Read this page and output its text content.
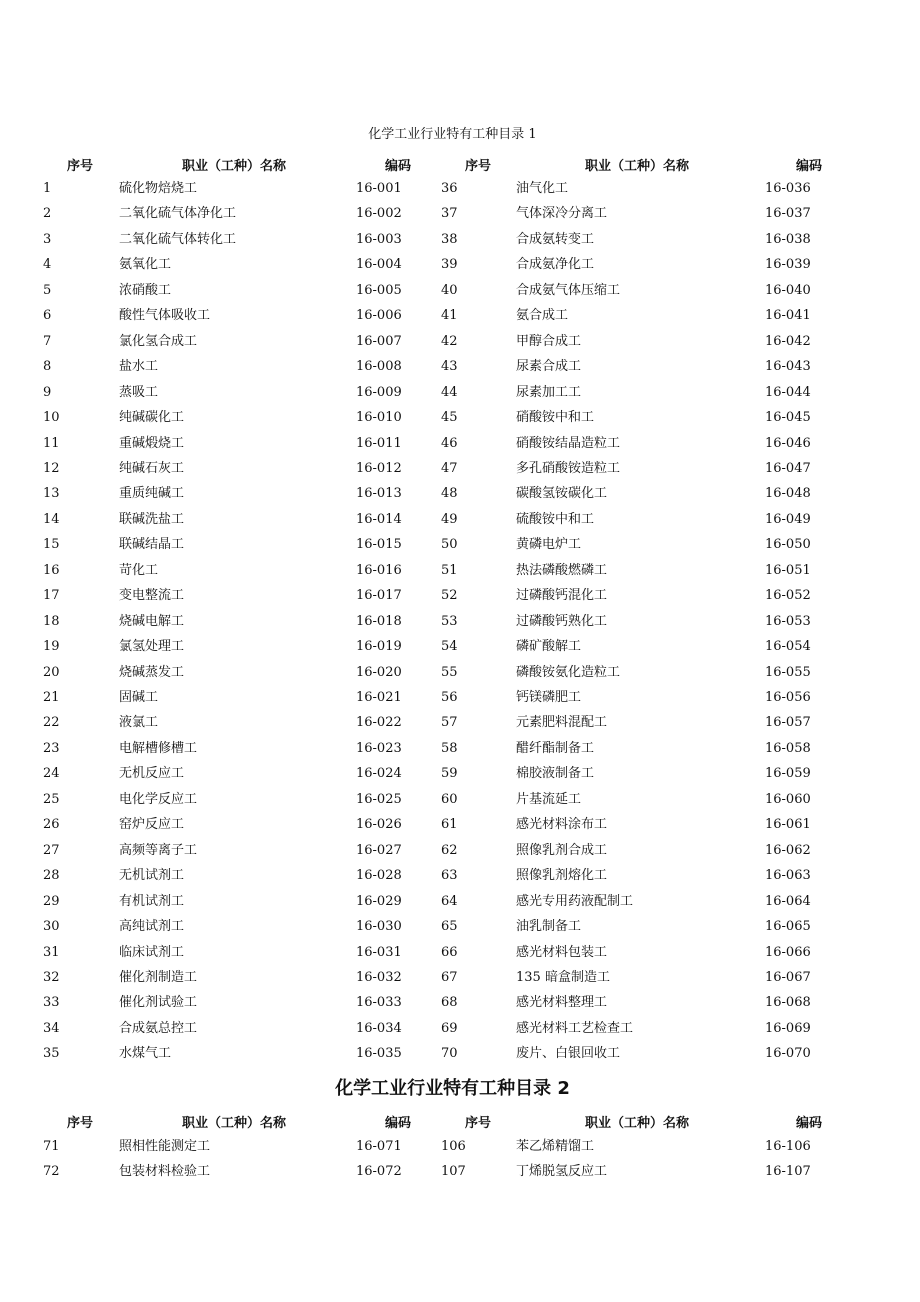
化学工业行业特有工种目录 1
序号	职业（工种）名称	编码	序号	职业（工种）名称	编码
1	硫化物焙烧工	16-001	36	油气化工	16-036
2	二氧化硫气体净化工	16-002	37	气体深冷分离工	16-037
3	二氧化硫气体转化工	16-003	38	合成氨转变工	16-038
4	氨氧化工	16-004	39	合成氨净化工	16-039
5	浓硝酸工	16-005	40	合成氨气体压缩工	16-040
6	酸性气体吸收工	16-006	41	氨合成工	16-041
7	氯化氢合成工	16-007	42	甲醇合成工	16-042
8	盐水工	16-008	43	尿素合成工	16-043
9	蒸吸工	16-009	44	尿素加工工	16-044
10	纯碱碳化工	16-010	45	硝酸铵中和工	16-045
11	重碱煅烧工	16-011	46	硝酸铵结晶造粒工	16-046
12	纯碱石灰工	16-012	47	多孔硝酸铵造粒工	16-047
13	重质纯碱工	16-013	48	碳酸氢铵碳化工	16-048
14	联碱洗盐工	16-014	49	硫酸铵中和工	16-049
15	联碱结晶工	16-015	50	黄磷电炉工	16-050
16	苛化工	16-016	51	热法磷酸燃磷工	16-051
17	变电整流工	16-017	52	过磷酸钙混化工	16-052
18	烧碱电解工	16-018	53	过磷酸钙熟化工	16-053
19	氯氢处理工	16-019	54	磷矿酸解工	16-054
20	烧碱蒸发工	16-020	55	磷酸铵氨化造粒工	16-055
21	固碱工	16-021	56	钙镁磷肥工	16-056
22	液氯工	16-022	57	元素肥料混配工	16-057
23	电解槽修槽工	16-023	58	醋纤酯制备工	16-058
24	无机反应工	16-024	59	棉胶液制备工	16-059
25	电化学反应工	16-025	60	片基流延工	16-060
26	窑炉反应工	16-026	61	感光材料涂布工	16-061
27	高频等离子工	16-027	62	照像乳剂合成工	16-062
28	无机试剂工	16-028	63	照像乳剂熔化工	16-063
29	有机试剂工	16-029	64	感光专用药液配制工	16-064
30	高纯试剂工	16-030	65	油乳制备工	16-065
31	临床试剂工	16-031	66	感光材料包装工	16-066
32	催化剂制造工	16-032	67	135 暗盒制造工	16-067
33	催化剂试验工	16-033	68	感光材料整理工	16-068
34	合成氨总控工	16-034	69	感光材料工艺检查工	16-069
35	水煤气工	16-035	70	废片、白银回收工	16-070
化学工业行业特有工种目录 2
序号	职业（工种）名称	编码	序号	职业（工种）名称	编码
71	照相性能测定工	16-071	106	苯乙烯精馏工	16-106
72	包装材料检验工	16-072	107	丁烯脱氢反应工	16-107
